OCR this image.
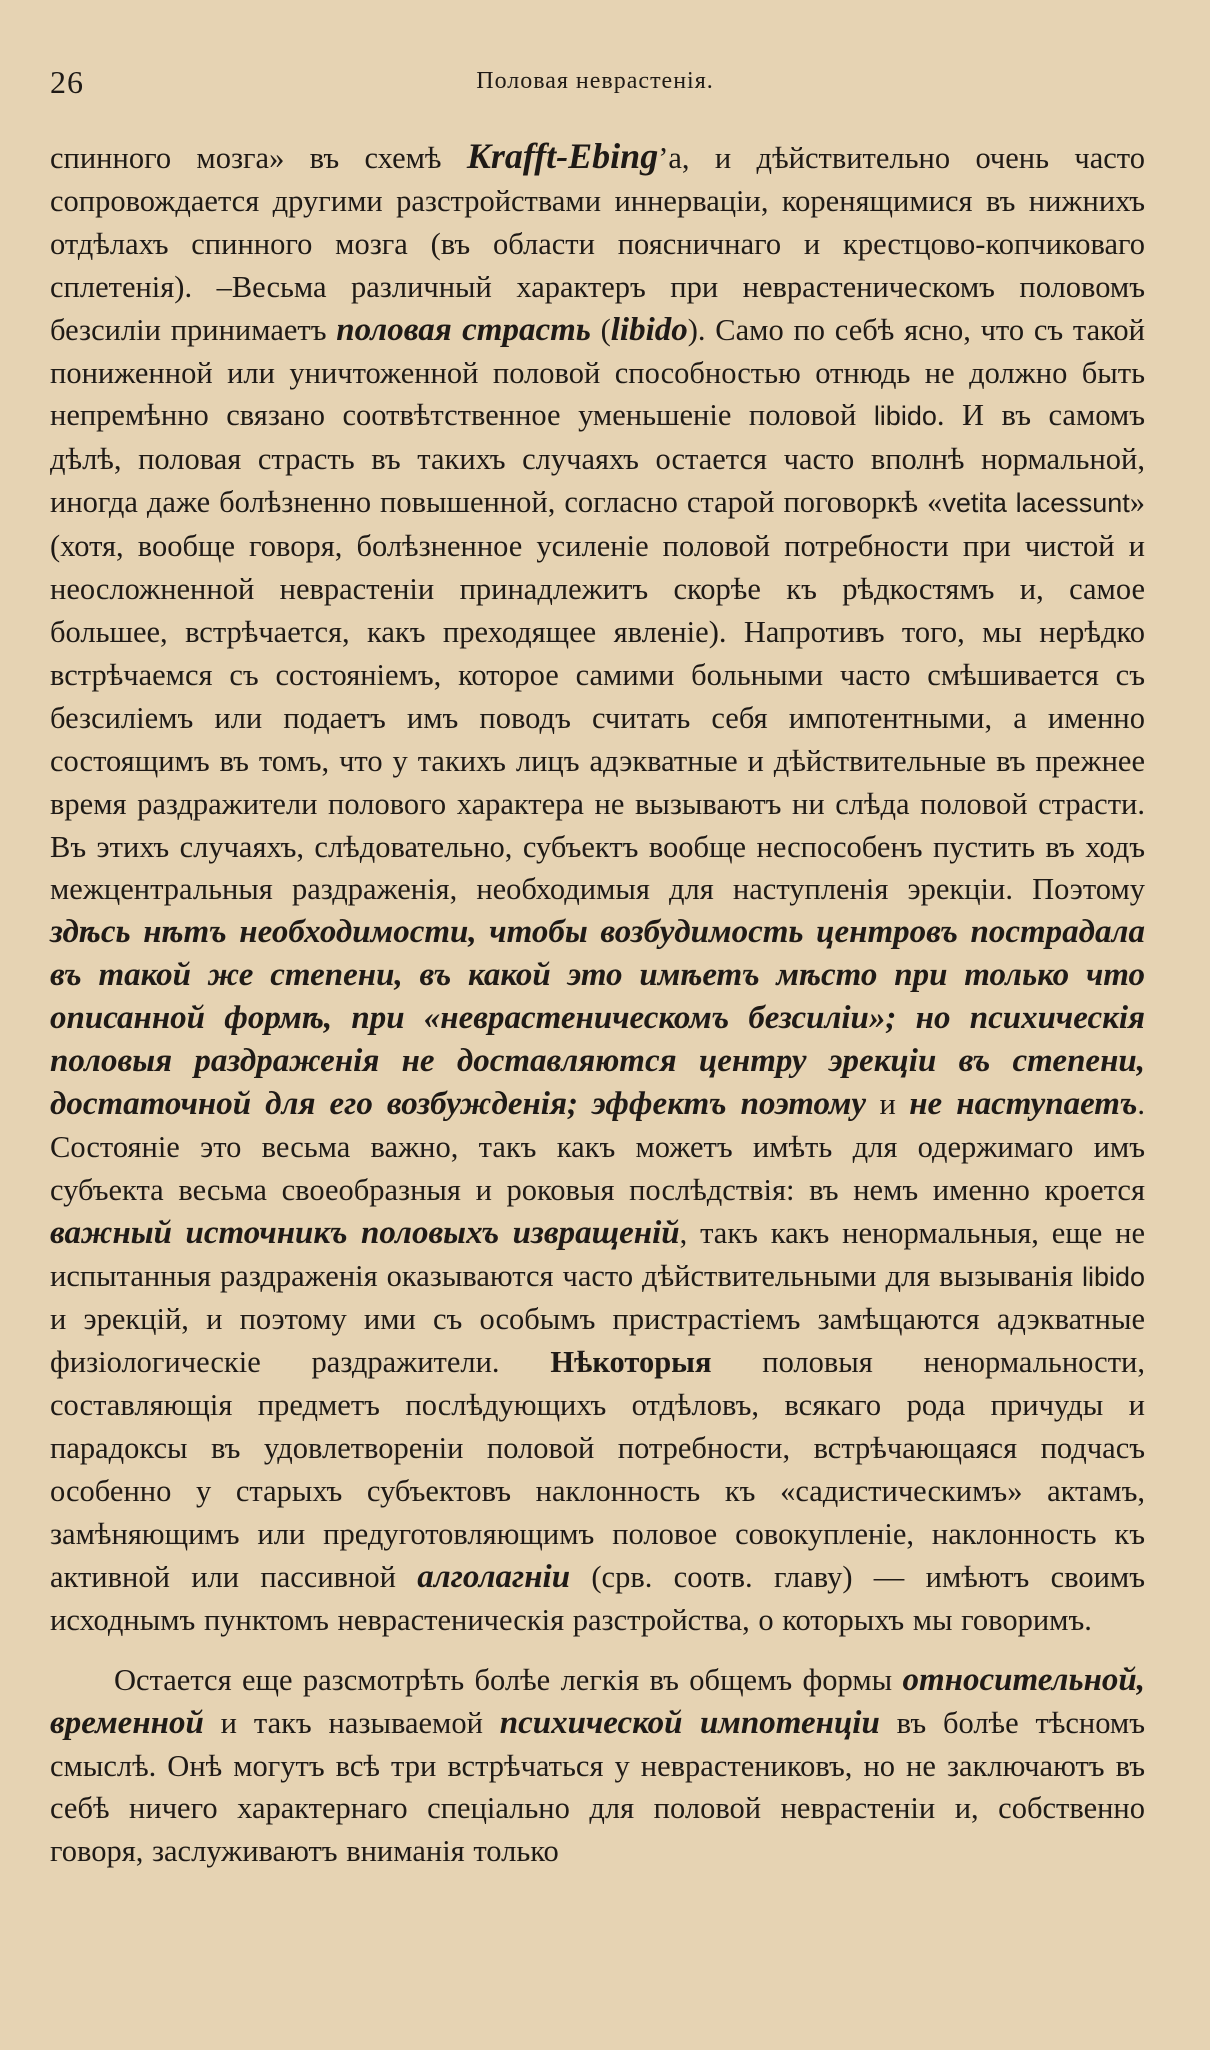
26	Половая неврастенія.

спинного мозга» въ схемѣ Krafft-Ebing’а, и дѣйствительно очень часто сопровождается другими разстройствами иннерваціи, коренящимися въ нижнихъ отдѣлахъ спинного мозга (въ области поясничнаго и крестцово-копчиковаго сплетенія). –Весьма различный характеръ при неврастеническомъ половомъ безсиліи принимаетъ половая страсть (libido). Само по себѣ ясно, что съ такой пониженной или уничтоженной половой способностью отнюдь не должно быть непремѣнно связано соотвѣтственное уменьшеніе половой libido. И въ самомъ дѣлѣ, половая страсть въ такихъ случаяхъ остается часто вполнѣ нормальной, иногда даже болѣзненно повышенной, согласно старой поговоркѣ «vetita lacessunt» (хотя, вообще говоря, болѣзненное усиленіе половой потребности при чистой и неосложненной неврастеніи принадлежитъ скорѣе къ рѣдкостямъ и, самое большее, встрѣчается, какъ преходящее явленіе). Напротивъ того, мы нерѣдко встрѣчаемся съ состояніемъ, которое самими больными часто смѣшивается съ безсиліемъ или подаетъ имъ поводъ считать себя импотентными, а именно состоящимъ въ томъ, что у такихъ лицъ адэкватные и дѣйствительные въ прежнее время раздражители полового характера не вызываютъ ни слѣда половой страсти. Въ этихъ случаяхъ, слѣдовательно, субъектъ вообще неспособенъ пустить въ ходъ межцентральныя раздраженія, необходимыя для наступленія эрекціи. Поэтому здѣсь нѣтъ необходимости, чтобы возбудимость центровъ пострадала въ такой же степени, въ какой это имѣетъ мѣсто при только что описанной формѣ, при «неврастеническомъ безсиліи»; но психическія половыя раздраженія не доставляются центру эрекціи въ степени, достаточной для его возбужденія; эффектъ поэтому и не наступаетъ. Состояніе это весьма важно, такъ какъ можетъ имѣть для одержимаго имъ субъекта весьма своеобразныя и роковыя послѣдствія: въ немъ именно кроется важный источникъ половыхъ извращеній, такъ какъ ненормальныя, еще не испытанныя раздраженія оказываются часто дѣйствительными для вызыванія libido и эрекцій, и поэтому ими съ особымъ пристрастіемъ замѣщаются адэкватные физіологическіе раздражители. Нѣкоторыя половыя ненормальности, составляющія предметъ послѣдующихъ отдѣловъ, всякаго рода причуды и парадоксы въ удовлетвореніи половой потребности, встрѣчающаяся подчасъ особенно у старыхъ субъектовъ наклонность къ «садистическимъ» актамъ, замѣняющимъ или предуготовляющимъ половое совокупленіе, наклонность къ активной или пассивной алголагніи (срв. соотв. главу) — имѣютъ своимъ исходнымъ пунктомъ неврастеническія разстройства, о которыхъ мы говоримъ.

Остается еще разсмотрѣть болѣе легкія въ общемъ формы относительной, временной и такъ называемой психической импотенціи въ болѣе тѣсномъ смыслѣ. Онѣ могутъ всѣ три встрѣчаться у неврастениковъ, но не заключаютъ въ себѣ ничего характернаго спеціально для половой неврастеніи и, собственно говоря, заслуживаютъ вниманія только
